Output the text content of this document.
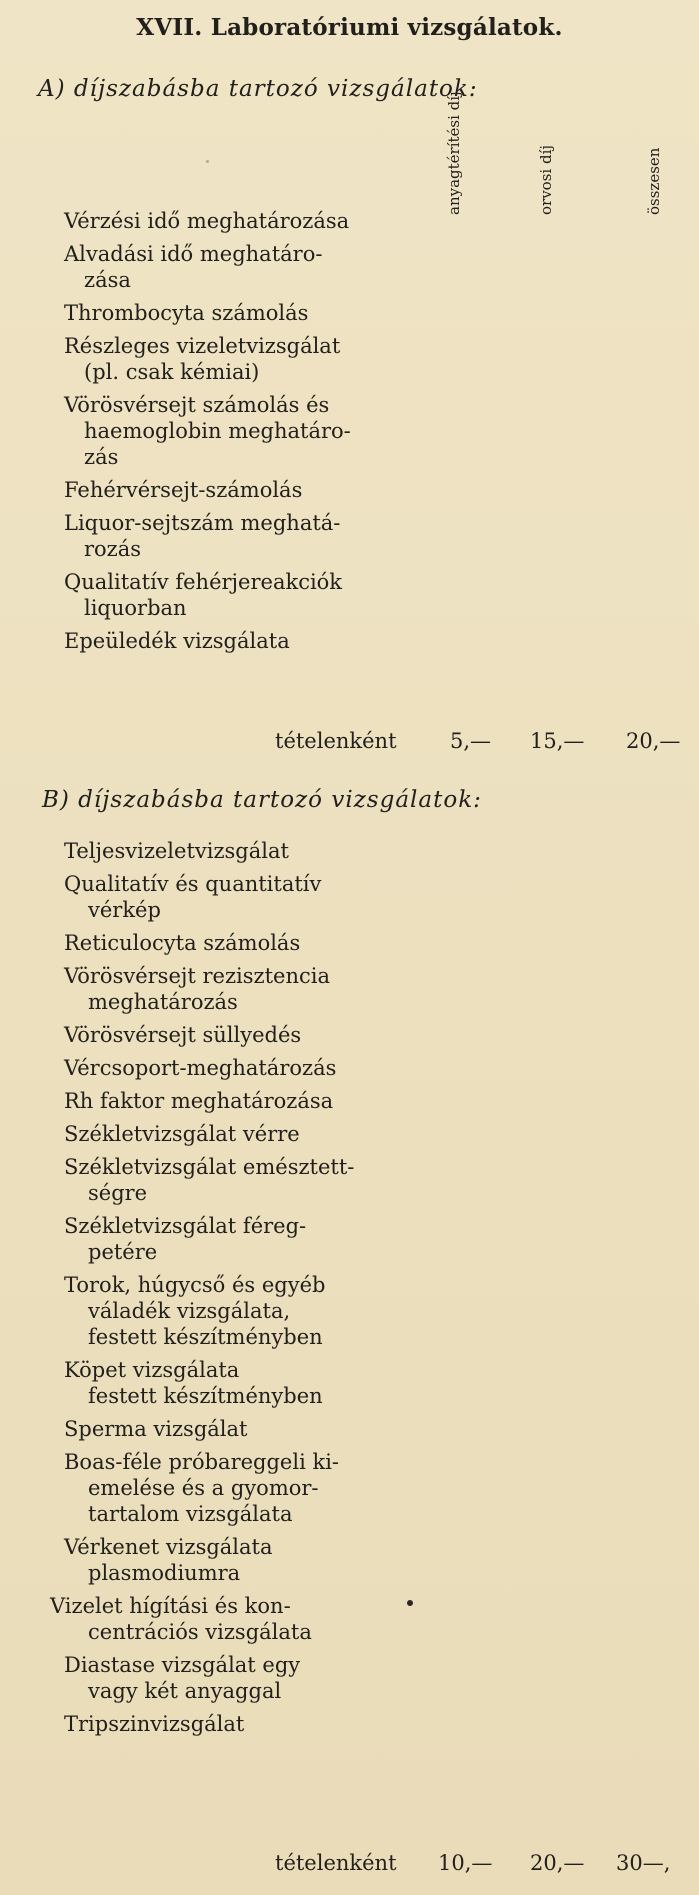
XVII. Laboratóriumi vizsgálatok.
A) díjszabásba tartozó vizsgálatok:
anyagtérítési díj	orvosi díj	összesen
Vérzési idő meghatározása
Alvadási idő meghatáro-
zása
Thrombocyta számolás
Részleges vizeletvizsgálat
(pl. csak kémiai)
Vörösvérsejt számolás és
haemoglobin meghatáro-
zás
Fehérvérsejt-számolás
Liquor-sejtszám meghatá-
rozás
Qualitatív fehérjereakciók
liquorban
Epeüledék vizsgálata
tételenként	5,— 15,— 20,—
B) díjszabásba tartozó vizsgálatok:
Teljesvizeletvizsgálat
Qualitatív és quantitatív
vérkép
Reticulocyta számolás
Vörösvérsejt rezisztencia
meghatározás
Vörösvérsejt süllyedés
Vércsoport-meghatározás
Rh faktor meghatározása
Székletvizsgálat vérre
Székletvizsgálat emésztett-
ségre
Székletvizsgálat féreg-
petére
Torok, húgycső és egyéb
váladék vizsgálata,
festett készítményben
Köpet vizsgálata
festett készítményben
Sperma vizsgálat
Boas-féle próbareggeli ki-
emelése és a gyomor-
tartalom vizsgálata
Vérkenet vizsgálata
plasmodiumra
Vizelet hígítási és kon-
centrációs vizsgálata
Diastase vizsgálat egy
vagy két anyaggal
Tripszinvizsgálat
tételenként 10,— 20,— 30—,
